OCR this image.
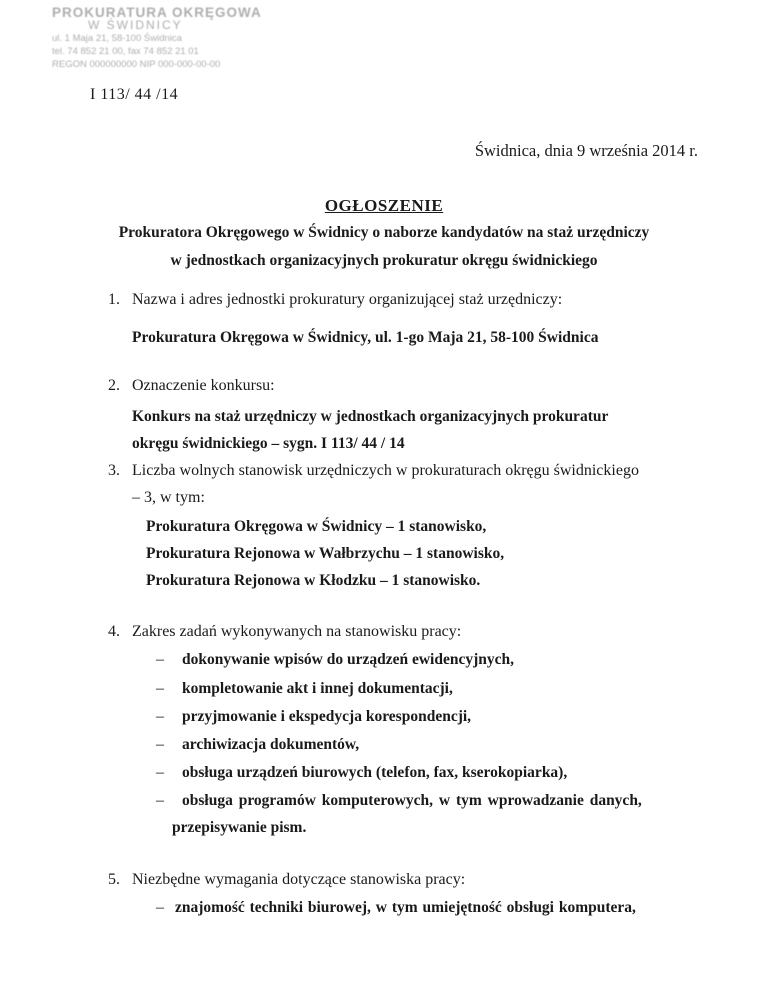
PROKURATURA OKRĘGOWA
W ŚWIDNICY
ul. 1 Maja 21, 58-100 Świdnica
tel. 74 852 21 00, fax 74 852 21 01
REGON 000000000 NIP 000-000-00-00
I 113/ 44 /14
Świdnica, dnia 9 września 2014 r.
OGŁOSZENIE
Prokuratora Okręgowego w Świdnicy o naborze kandydatów na staż urzędniczy
w jednostkach organizacyjnych prokuratur okręgu świdnickiego
1. Nazwa i adres jednostki prokuratury organizującej staż urzędniczy:
Prokuratura Okręgowa w Świdnicy, ul. 1-go Maja 21, 58-100 Świdnica
2. Oznaczenie konkursu:
Konkurs na staż urzędniczy w jednostkach organizacyjnych prokuratur
okręgu świdnickiego – sygn. I 113/ 44 / 14
3. Liczba wolnych stanowisk urzędniczych w prokuraturach okręgu świdnickiego
– 3, w tym:
Prokuratura Okręgowa w Świdnicy – 1 stanowisko,
Prokuratura Rejonowa w Wałbrzychu – 1 stanowisko,
Prokuratura Rejonowa w Kłodzku – 1 stanowisko.
4. Zakres zadań wykonywanych na stanowisku pracy:
– dokonywanie wpisów do urządzeń ewidencyjnych,
– kompletowanie akt i innej dokumentacji,
– przyjmowanie i ekspedycja korespondencji,
– archiwizacja dokumentów,
– obsługa urządzeń biurowych (telefon, fax, kserokopiarka),
– obsługa programów komputerowych, w tym wprowadzanie danych,
przepisywanie pism.
5. Niezbędne wymagania dotyczące stanowiska pracy:
– znajomość techniki biurowej, w tym umiejętność obsługi komputera,
